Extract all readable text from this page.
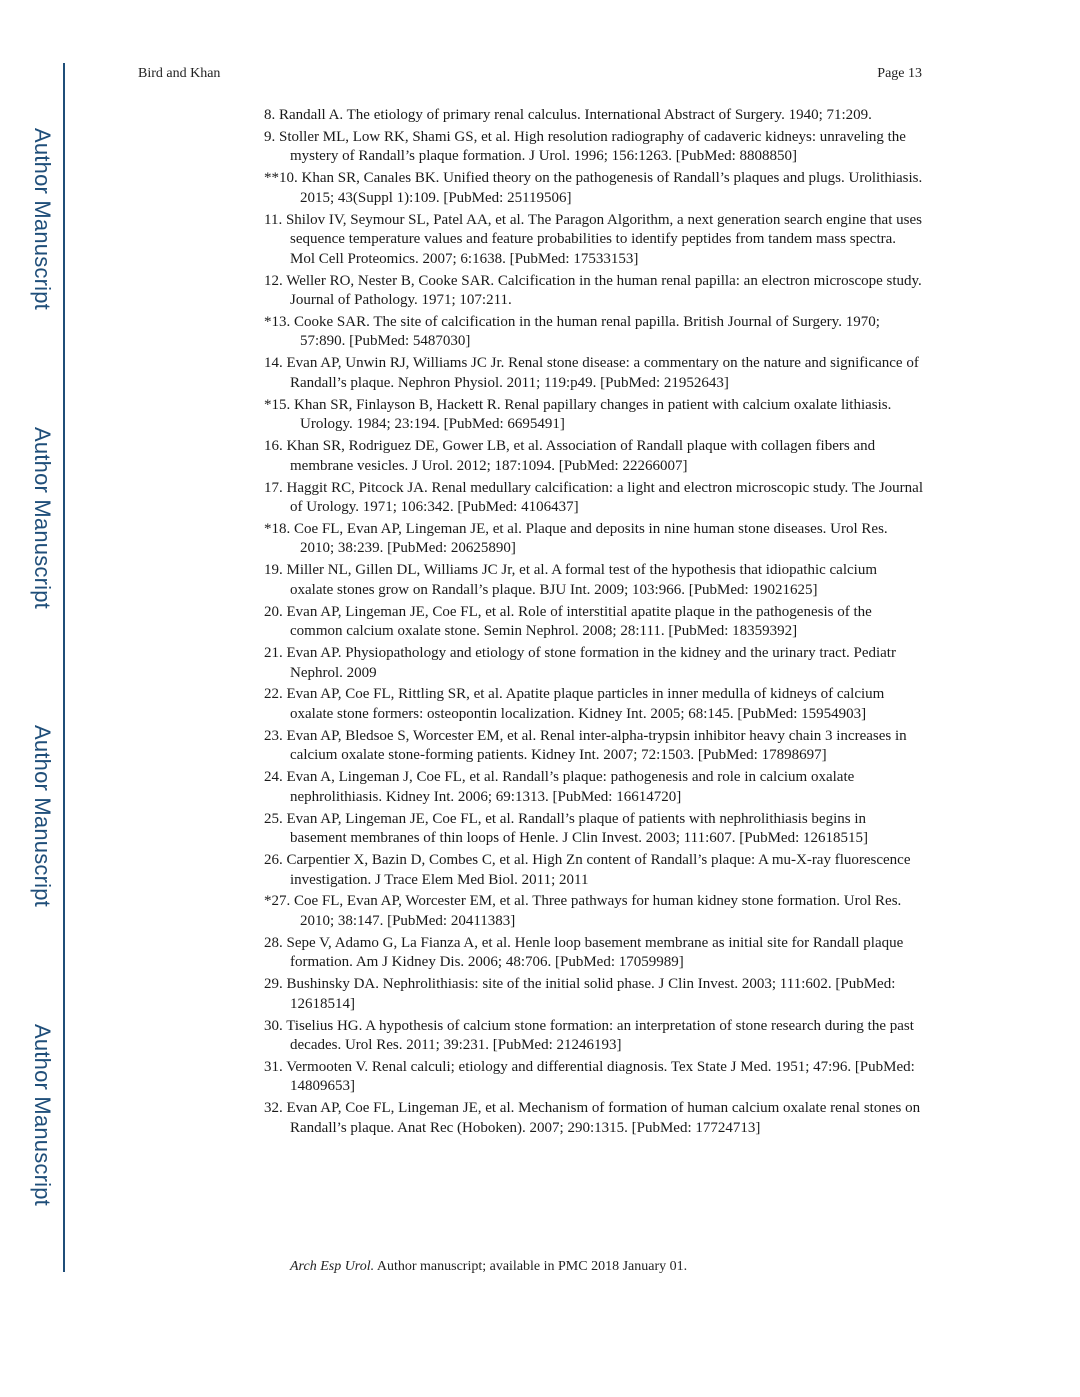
Author Manuscript
Author Manuscript
Author Manuscript
Author Manuscript
Bird and Khan	Page 13
8. Randall A. The etiology of primary renal calculus. International Abstract of Surgery. 1940; 71:209.
9. Stoller ML, Low RK, Shami GS, et al. High resolution radiography of cadaveric kidneys: unraveling the mystery of Randall’s plaque formation. J Urol. 1996; 156:1263. [PubMed: 8808850]
**10. Khan SR, Canales BK. Unified theory on the pathogenesis of Randall’s plaques and plugs. Urolithiasis. 2015; 43(Suppl 1):109. [PubMed: 25119506]
11. Shilov IV, Seymour SL, Patel AA, et al. The Paragon Algorithm, a next generation search engine that uses sequence temperature values and feature probabilities to identify peptides from tandem mass spectra. Mol Cell Proteomics. 2007; 6:1638. [PubMed: 17533153]
12. Weller RO, Nester B, Cooke SAR. Calcification in the human renal papilla: an electron microscope study. Journal of Pathology. 1971; 107:211.
*13. Cooke SAR. The site of calcification in the human renal papilla. British Journal of Surgery. 1970; 57:890. [PubMed: 5487030]
14. Evan AP, Unwin RJ, Williams JC Jr. Renal stone disease: a commentary on the nature and significance of Randall’s plaque. Nephron Physiol. 2011; 119:p49. [PubMed: 21952643]
*15. Khan SR, Finlayson B, Hackett R. Renal papillary changes in patient with calcium oxalate lithiasis. Urology. 1984; 23:194. [PubMed: 6695491]
16. Khan SR, Rodriguez DE, Gower LB, et al. Association of Randall plaque with collagen fibers and membrane vesicles. J Urol. 2012; 187:1094. [PubMed: 22266007]
17. Haggit RC, Pitcock JA. Renal medullary calcification: a light and electron microscopic study. The Journal of Urology. 1971; 106:342. [PubMed: 4106437]
*18. Coe FL, Evan AP, Lingeman JE, et al. Plaque and deposits in nine human stone diseases. Urol Res. 2010; 38:239. [PubMed: 20625890]
19. Miller NL, Gillen DL, Williams JC Jr, et al. A formal test of the hypothesis that idiopathic calcium oxalate stones grow on Randall’s plaque. BJU Int. 2009; 103:966. [PubMed: 19021625]
20. Evan AP, Lingeman JE, Coe FL, et al. Role of interstitial apatite plaque in the pathogenesis of the common calcium oxalate stone. Semin Nephrol. 2008; 28:111. [PubMed: 18359392]
21. Evan AP. Physiopathology and etiology of stone formation in the kidney and the urinary tract. Pediatr Nephrol. 2009
22. Evan AP, Coe FL, Rittling SR, et al. Apatite plaque particles in inner medulla of kidneys of calcium oxalate stone formers: osteopontin localization. Kidney Int. 2005; 68:145. [PubMed: 15954903]
23. Evan AP, Bledsoe S, Worcester EM, et al. Renal inter-alpha-trypsin inhibitor heavy chain 3 increases in calcium oxalate stone-forming patients. Kidney Int. 2007; 72:1503. [PubMed: 17898697]
24. Evan A, Lingeman J, Coe FL, et al. Randall’s plaque: pathogenesis and role in calcium oxalate nephrolithiasis. Kidney Int. 2006; 69:1313. [PubMed: 16614720]
25. Evan AP, Lingeman JE, Coe FL, et al. Randall’s plaque of patients with nephrolithiasis begins in basement membranes of thin loops of Henle. J Clin Invest. 2003; 111:607. [PubMed: 12618515]
26. Carpentier X, Bazin D, Combes C, et al. High Zn content of Randall’s plaque: A mu-X-ray fluorescence investigation. J Trace Elem Med Biol. 2011; 2011
*27. Coe FL, Evan AP, Worcester EM, et al. Three pathways for human kidney stone formation. Urol Res. 2010; 38:147. [PubMed: 20411383]
28. Sepe V, Adamo G, La Fianza A, et al. Henle loop basement membrane as initial site for Randall plaque formation. Am J Kidney Dis. 2006; 48:706. [PubMed: 17059989]
29. Bushinsky DA. Nephrolithiasis: site of the initial solid phase. J Clin Invest. 2003; 111:602. [PubMed: 12618514]
30. Tiselius HG. A hypothesis of calcium stone formation: an interpretation of stone research during the past decades. Urol Res. 2011; 39:231. [PubMed: 21246193]
31. Vermooten V. Renal calculi; etiology and differential diagnosis. Tex State J Med. 1951; 47:96. [PubMed: 14809653]
32. Evan AP, Coe FL, Lingeman JE, et al. Mechanism of formation of human calcium oxalate renal stones on Randall’s plaque. Anat Rec (Hoboken). 2007; 290:1315. [PubMed: 17724713]
Arch Esp Urol. Author manuscript; available in PMC 2018 January 01.
